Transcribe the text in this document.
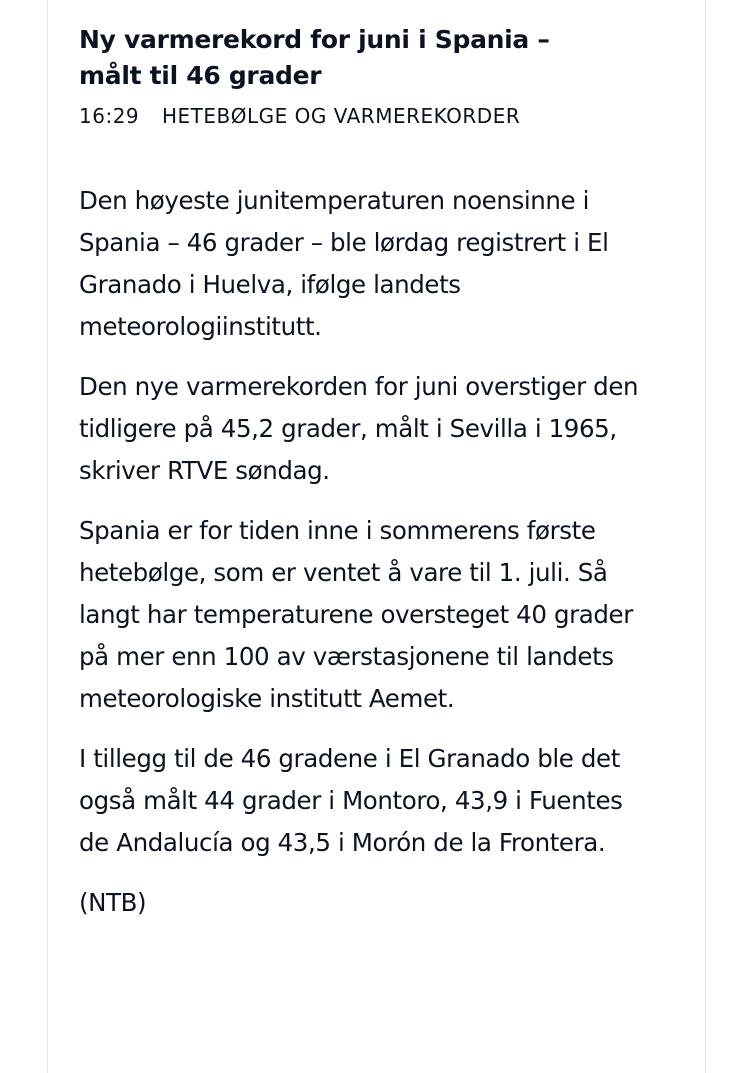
Ny varmerekord for juni i Spania – målt til 46 grader
16:29 HETEBØLGE OG VARMEREKORDER

Den høyeste junitemperaturen noensinne i Spania – 46 grader – ble lørdag registrert i El Granado i Huelva, ifølge landets meteorologiinstitutt.

Den nye varmerekorden for juni overstiger den tidligere på 45,2 grader, målt i Sevilla i 1965, skriver RTVE søndag.

Spania er for tiden inne i sommerens første hetebølge, som er ventet å vare til 1. juli. Så langt har temperaturene oversteget 40 grader på mer enn 100 av værstasjonene til landets meteorologiske institutt Aemet.

I tillegg til de 46 gradene i El Granado ble det også målt 44 grader i Montoro, 43,9 i Fuentes de Andalucía og 43,5 i Morón de la Frontera.

(NTB)
